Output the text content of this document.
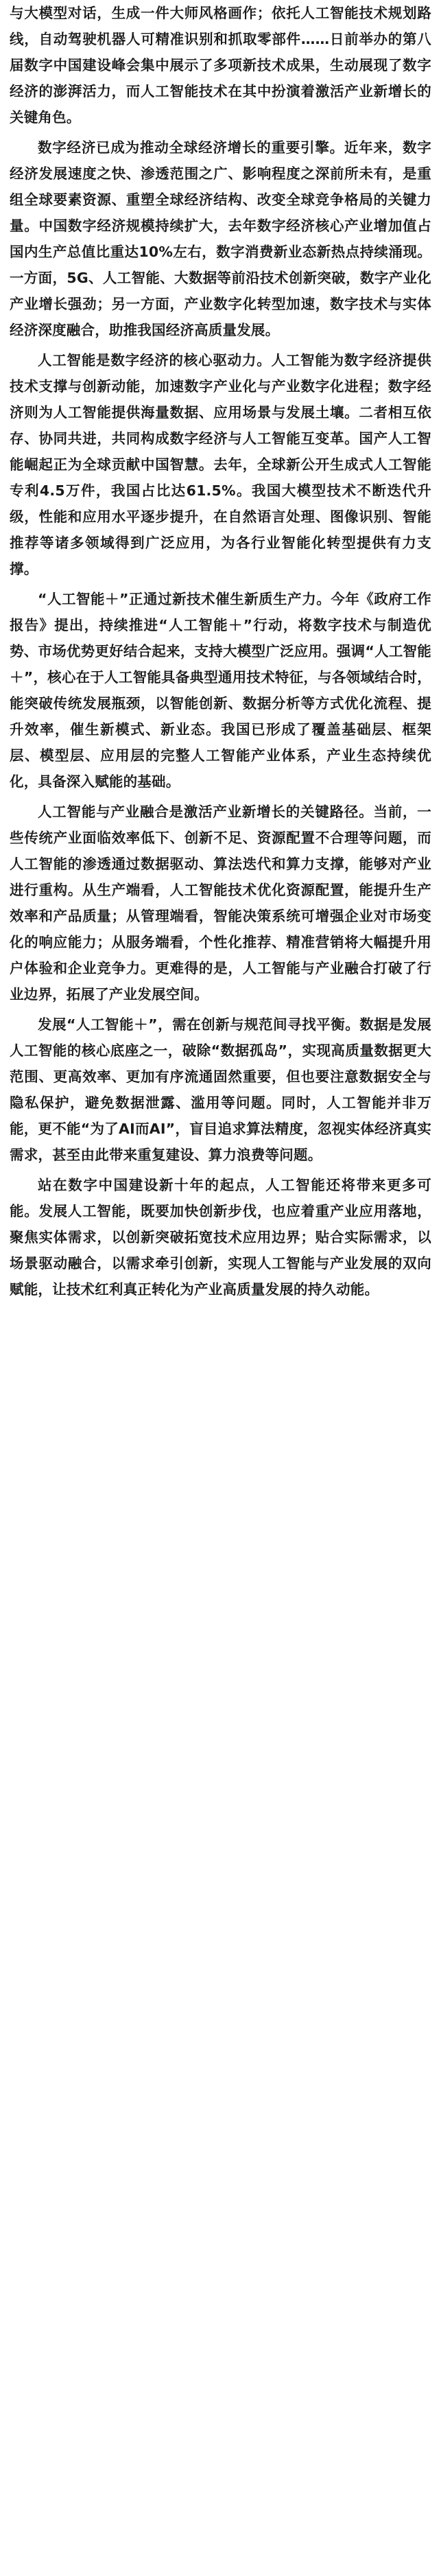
与大模型对话，生成一件大师风格画作；依托人工智能技术规划路线，自动驾驶机器人可精准识别和抓取零部件……日前举办的第八届数字中国建设峰会集中展示了多项新技术成果，生动展现了数字经济的澎湃活力，而人工智能技术在其中扮演着激活产业新增长的关键角色。

数字经济已成为推动全球经济增长的重要引擎。近年来，数字经济发展速度之快、渗透范围之广、影响程度之深前所未有，是重组全球要素资源、重塑全球经济结构、改变全球竞争格局的关键力量。中国数字经济规模持续扩大，去年数字经济核心产业增加值占国内生产总值比重达10%左右，数字消费新业态新热点持续涌现。一方面，5G、人工智能、大数据等前沿技术创新突破，数字产业化产业增长强劲；另一方面，产业数字化转型加速，数字技术与实体经济深度融合，助推我国经济高质量发展。

人工智能是数字经济的核心驱动力。人工智能为数字经济提供技术支撑与创新动能，加速数字产业化与产业数字化进程；数字经济则为人工智能提供海量数据、应用场景与发展土壤。二者相互依存、协同共进，共同构成数字经济与人工智能互变革。国产人工智能崛起正为全球贡献中国智慧。去年，全球新公开生成式人工智能专利4.5万件，我国占比达61.5%。我国大模型技术不断迭代升级，性能和应用水平逐步提升，在自然语言处理、图像识别、智能推荐等诸多领域得到广泛应用，为各行业智能化转型提供有力支撑。

“人工智能＋”正通过新技术催生新质生产力。今年《政府工作报告》提出，持续推进“人工智能＋”行动，将数字技术与制造优势、市场优势更好结合起来，支持大模型广泛应用。强调“人工智能＋”，核心在于人工智能具备典型通用技术特征，与各领域结合时，能突破传统发展瓶颈，以智能创新、数据分析等方式优化流程、提升效率，催生新模式、新业态。我国已形成了覆盖基础层、框架层、模型层、应用层的完整人工智能产业体系，产业生态持续优化，具备深入赋能的基础。

人工智能与产业融合是激活产业新增长的关键路径。当前，一些传统产业面临效率低下、创新不足、资源配置不合理等问题，而人工智能的渗透通过数据驱动、算法迭代和算力支撑，能够对产业进行重构。从生产端看，人工智能技术优化资源配置，能提升生产效率和产品质量；从管理端看，智能决策系统可增强企业对市场变化的响应能力；从服务端看，个性化推荐、精准营销将大幅提升用户体验和企业竞争力。更难得的是，人工智能与产业融合打破了行业边界，拓展了产业发展空间。

发展“人工智能＋”，需在创新与规范间寻找平衡。数据是发展人工智能的核心底座之一，破除“数据孤岛”，实现高质量数据更大范围、更高效率、更加有序流通固然重要，但也要注意数据安全与隐私保护，避免数据泄露、滥用等问题。同时，人工智能并非万能，更不能“为了AI而AI”，盲目追求算法精度，忽视实体经济真实需求，甚至由此带来重复建设、算力浪费等问题。

站在数字中国建设新十年的起点，人工智能还将带来更多可能。发展人工智能，既要加快创新步伐，也应着重产业应用落地，聚焦实体需求，以创新突破拓宽技术应用边界；贴合实际需求，以场景驱动融合，以需求牵引创新，实现人工智能与产业发展的双向赋能，让技术红利真正转化为产业高质量发展的持久动能。
